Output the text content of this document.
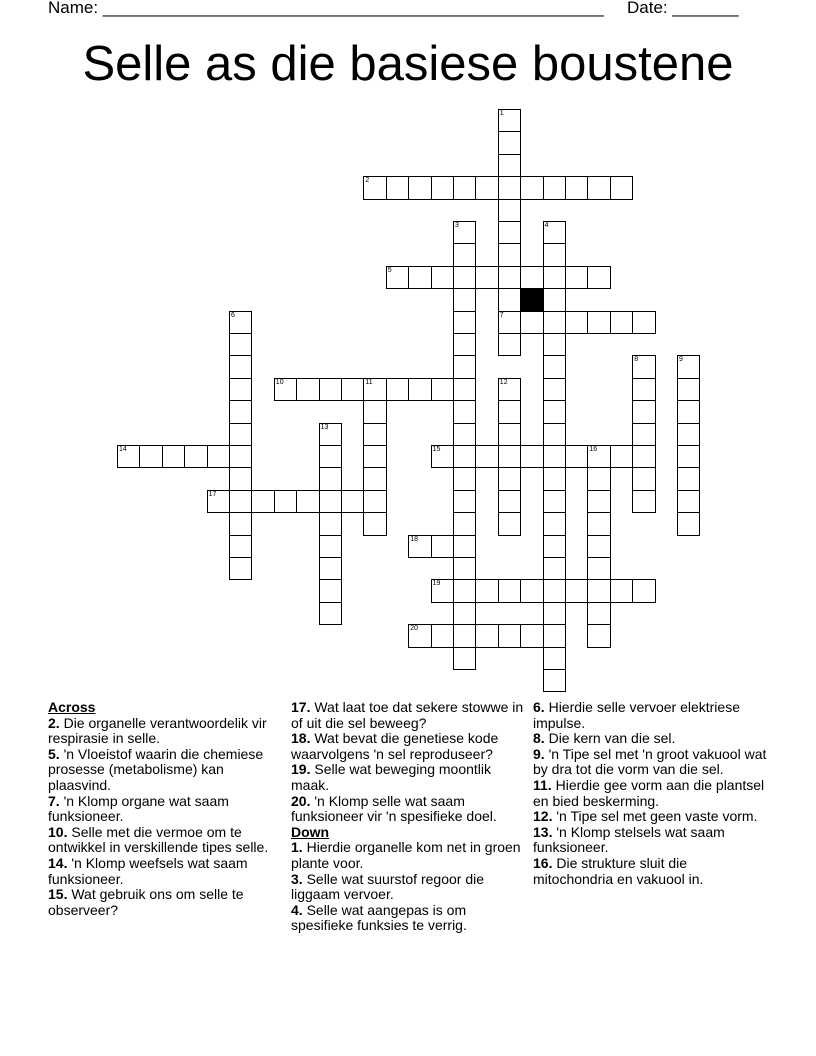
Name: _____________________________________________________

Date: _______

Selle as die basiese boustene
1
7
2
3	4
5
6
8	9
10	11	12
13
14	15	16
17
18
19
20

Across

2. Die organelle verantwoordelik vir respirasie in selle.

5. 'n Vloeistof waarin die chemiese prosesse (metabolisme) kan plaasvind.

7. 'n Klomp organe wat saam funksioneer.

10. Selle met die vermoe om te ontwikkel in verskillende tipes selle.

14. 'n Klomp weefsels wat saam funksioneer.

15. Wat gebruik ons om selle te observeer?

17. Wat laat toe dat sekere stowwe in of uit die sel beweeg?

18. Wat bevat die genetiese kode waarvolgens 'n sel reproduseer?

19. Selle wat beweging moontlik maak.

20. 'n Klomp selle wat saam funksioneer vir 'n spesifieke doel.

Down

1. Hierdie organelle kom net in groen plante voor.

3. Selle wat suurstof regoor die liggaam vervoer.

4. Selle wat aangepas is om spesifieke funksies te verrig.

6. Hierdie selle vervoer elektriese impulse.

8. Die kern van die sel.

9. 'n Tipe sel met 'n groot vakuool wat by dra tot die vorm van die sel.

11. Hierdie gee vorm aan die plantsel en bied beskerming.

12. 'n Tipe sel met geen vaste vorm.

13. 'n Klomp stelsels wat saam funksioneer.

16. Die strukture sluit die mitochondria en vakuool in.
